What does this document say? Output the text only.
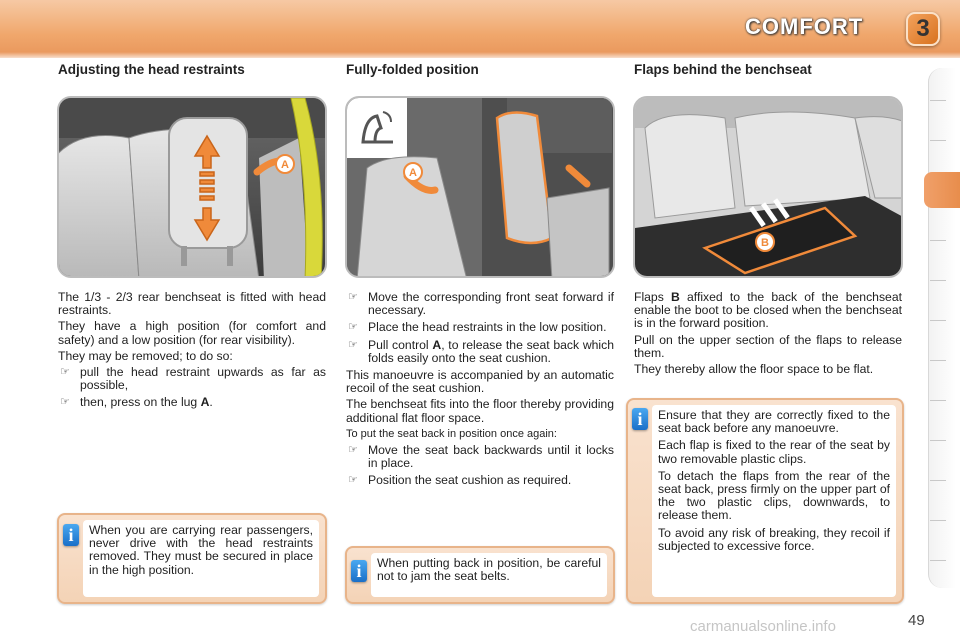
COMFORT	3
Adjusting the head restraints	Fully-folded position	Flaps behind the benchseat
A
A
B

The 1/3 - 2/3 rear benchseat is fitted with head restraints.

They have a high position (for comfort and safety) and a low position (for rear visibility).

They may be removed; to do so:

☞ pull the head restraint upwards as far as possible,
☞ then, press on the lug A.
i	When you are carrying rear passengers, never drive with the head restraints removed. They must be secured in place in the high position.

☞ Move the corresponding front seat forward if necessary.
☞ Place the head restraints in the low position.
☞ Pull control A, to release the seat back which folds easily onto the seat cushion.

This manoeuvre is accompanied by an automatic recoil of the seat cushion.

The benchseat fits into the floor thereby providing additional flat floor space.

To put the seat back in position once again:

☞ Move the seat back backwards until it locks in place.
☞ Position the seat cushion as required.
i	When putting back in position, be careful not to jam the seat belts.

Flaps B affixed to the back of the benchseat enable the boot to be closed when the benchseat is in the forward position.

Pull on the upper section of the flaps to release them.

They thereby allow the floor space to be flat.

i	Ensure that they are correctly fixed to the seat back before any manoeuvre.

Each flap is fixed to the rear of the seat by two removable plastic clips.

To detach the flaps from the rear of the seat back, press firmly on the upper part of the two plastic clips, downwards, to release them.

To avoid any risk of breaking, they recoil if subjected to excessive force.

carmanualsonline.info	49
